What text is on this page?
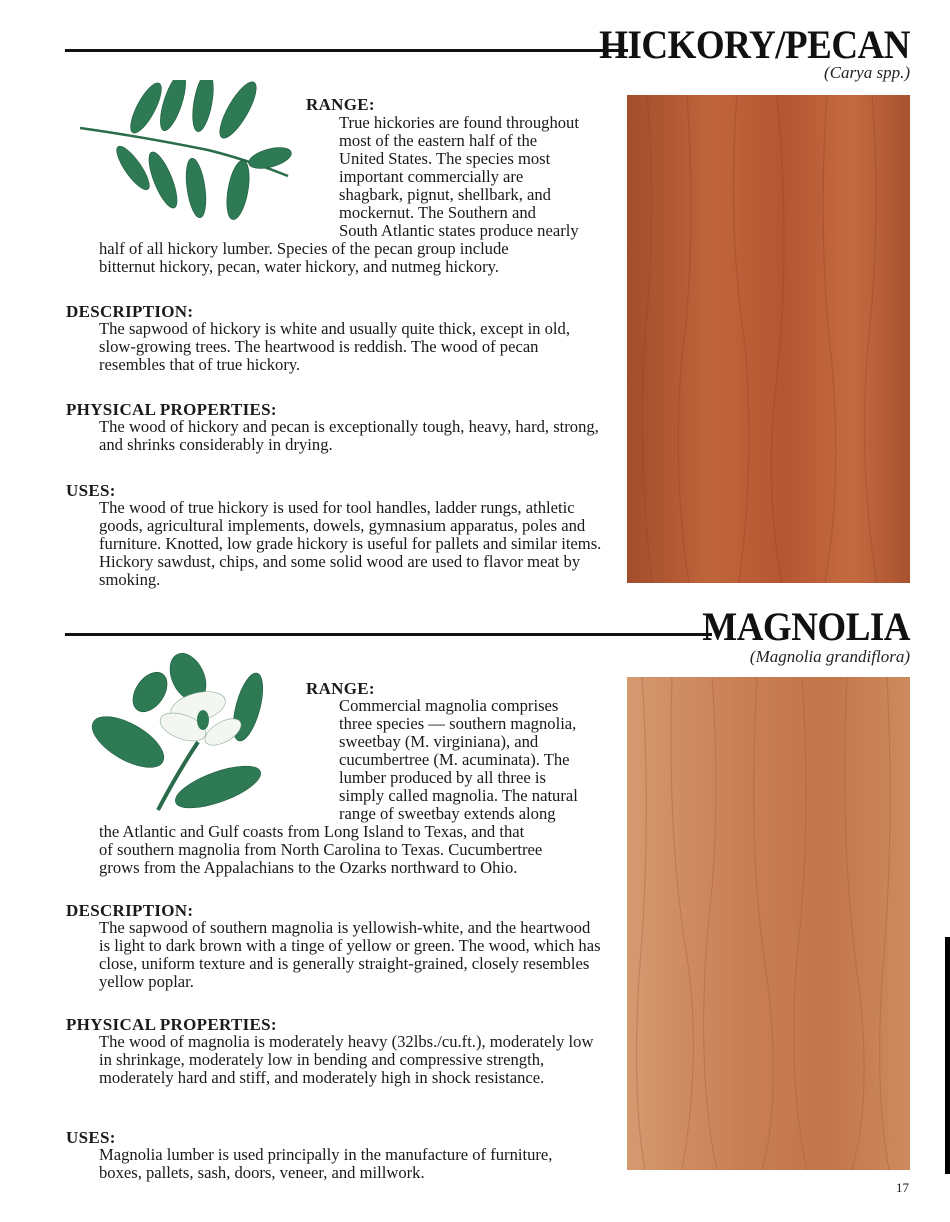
HICKORY/PECAN
(Carya spp.)
RANGE:
True hickories are found throughout
most of the eastern half of the
United States. The species most
important commercially are
shagbark, pignut, shellbark, and
mockernut. The Southern and
South Atlantic states produce nearly
half of all hickory lumber. Species of the pecan group include
bitternut hickory, pecan, water hickory, and nutmeg hickory.
DESCRIPTION:

The sapwood of hickory is white and usually quite thick, except in old, slow-growing trees. The heartwood is reddish. The wood of pecan resembles that of true hickory.

PHYSICAL PROPERTIES:

The wood of hickory and pecan is exceptionally tough, heavy, hard, strong, and shrinks considerably in drying.

USES:

The wood of true hickory is used for tool handles, ladder rungs, athletic goods, agricultural implements, dowels, gymnasium apparatus, poles and furniture. Knotted, low grade hickory is useful for pallets and similar items. Hickory sawdust, chips, and some solid wood are used to flavor meat by smoking.

MAGNOLIA
(Magnolia grandiflora)
RANGE:
Commercial magnolia comprises
three species — southern magnolia,
sweetbay (M. virginiana), and
cucumbertree (M. acuminata). The
lumber produced by all three is
simply called magnolia. The natural
range of sweetbay extends along
the Atlantic and Gulf coasts from Long Island to Texas, and that
of southern magnolia from North Carolina to Texas. Cucumbertree
grows from the Appalachians to the Ozarks northward to Ohio.
DESCRIPTION:

The sapwood of southern magnolia is yellowish-white, and the heartwood is light to dark brown with a tinge of yellow or green. The wood, which has close, uniform texture and is generally straight-grained, closely resembles yellow poplar.

PHYSICAL PROPERTIES:

The wood of magnolia is moderately heavy (32lbs./cu.ft.), moderately low in shrinkage, moderately low in bending and compressive strength, moderately hard and stiff, and moderately high in shock resistance.

USES:

Magnolia lumber is used principally in the manufacture of furniture, boxes, pallets, sash, doors, veneer, and millwork.

17
